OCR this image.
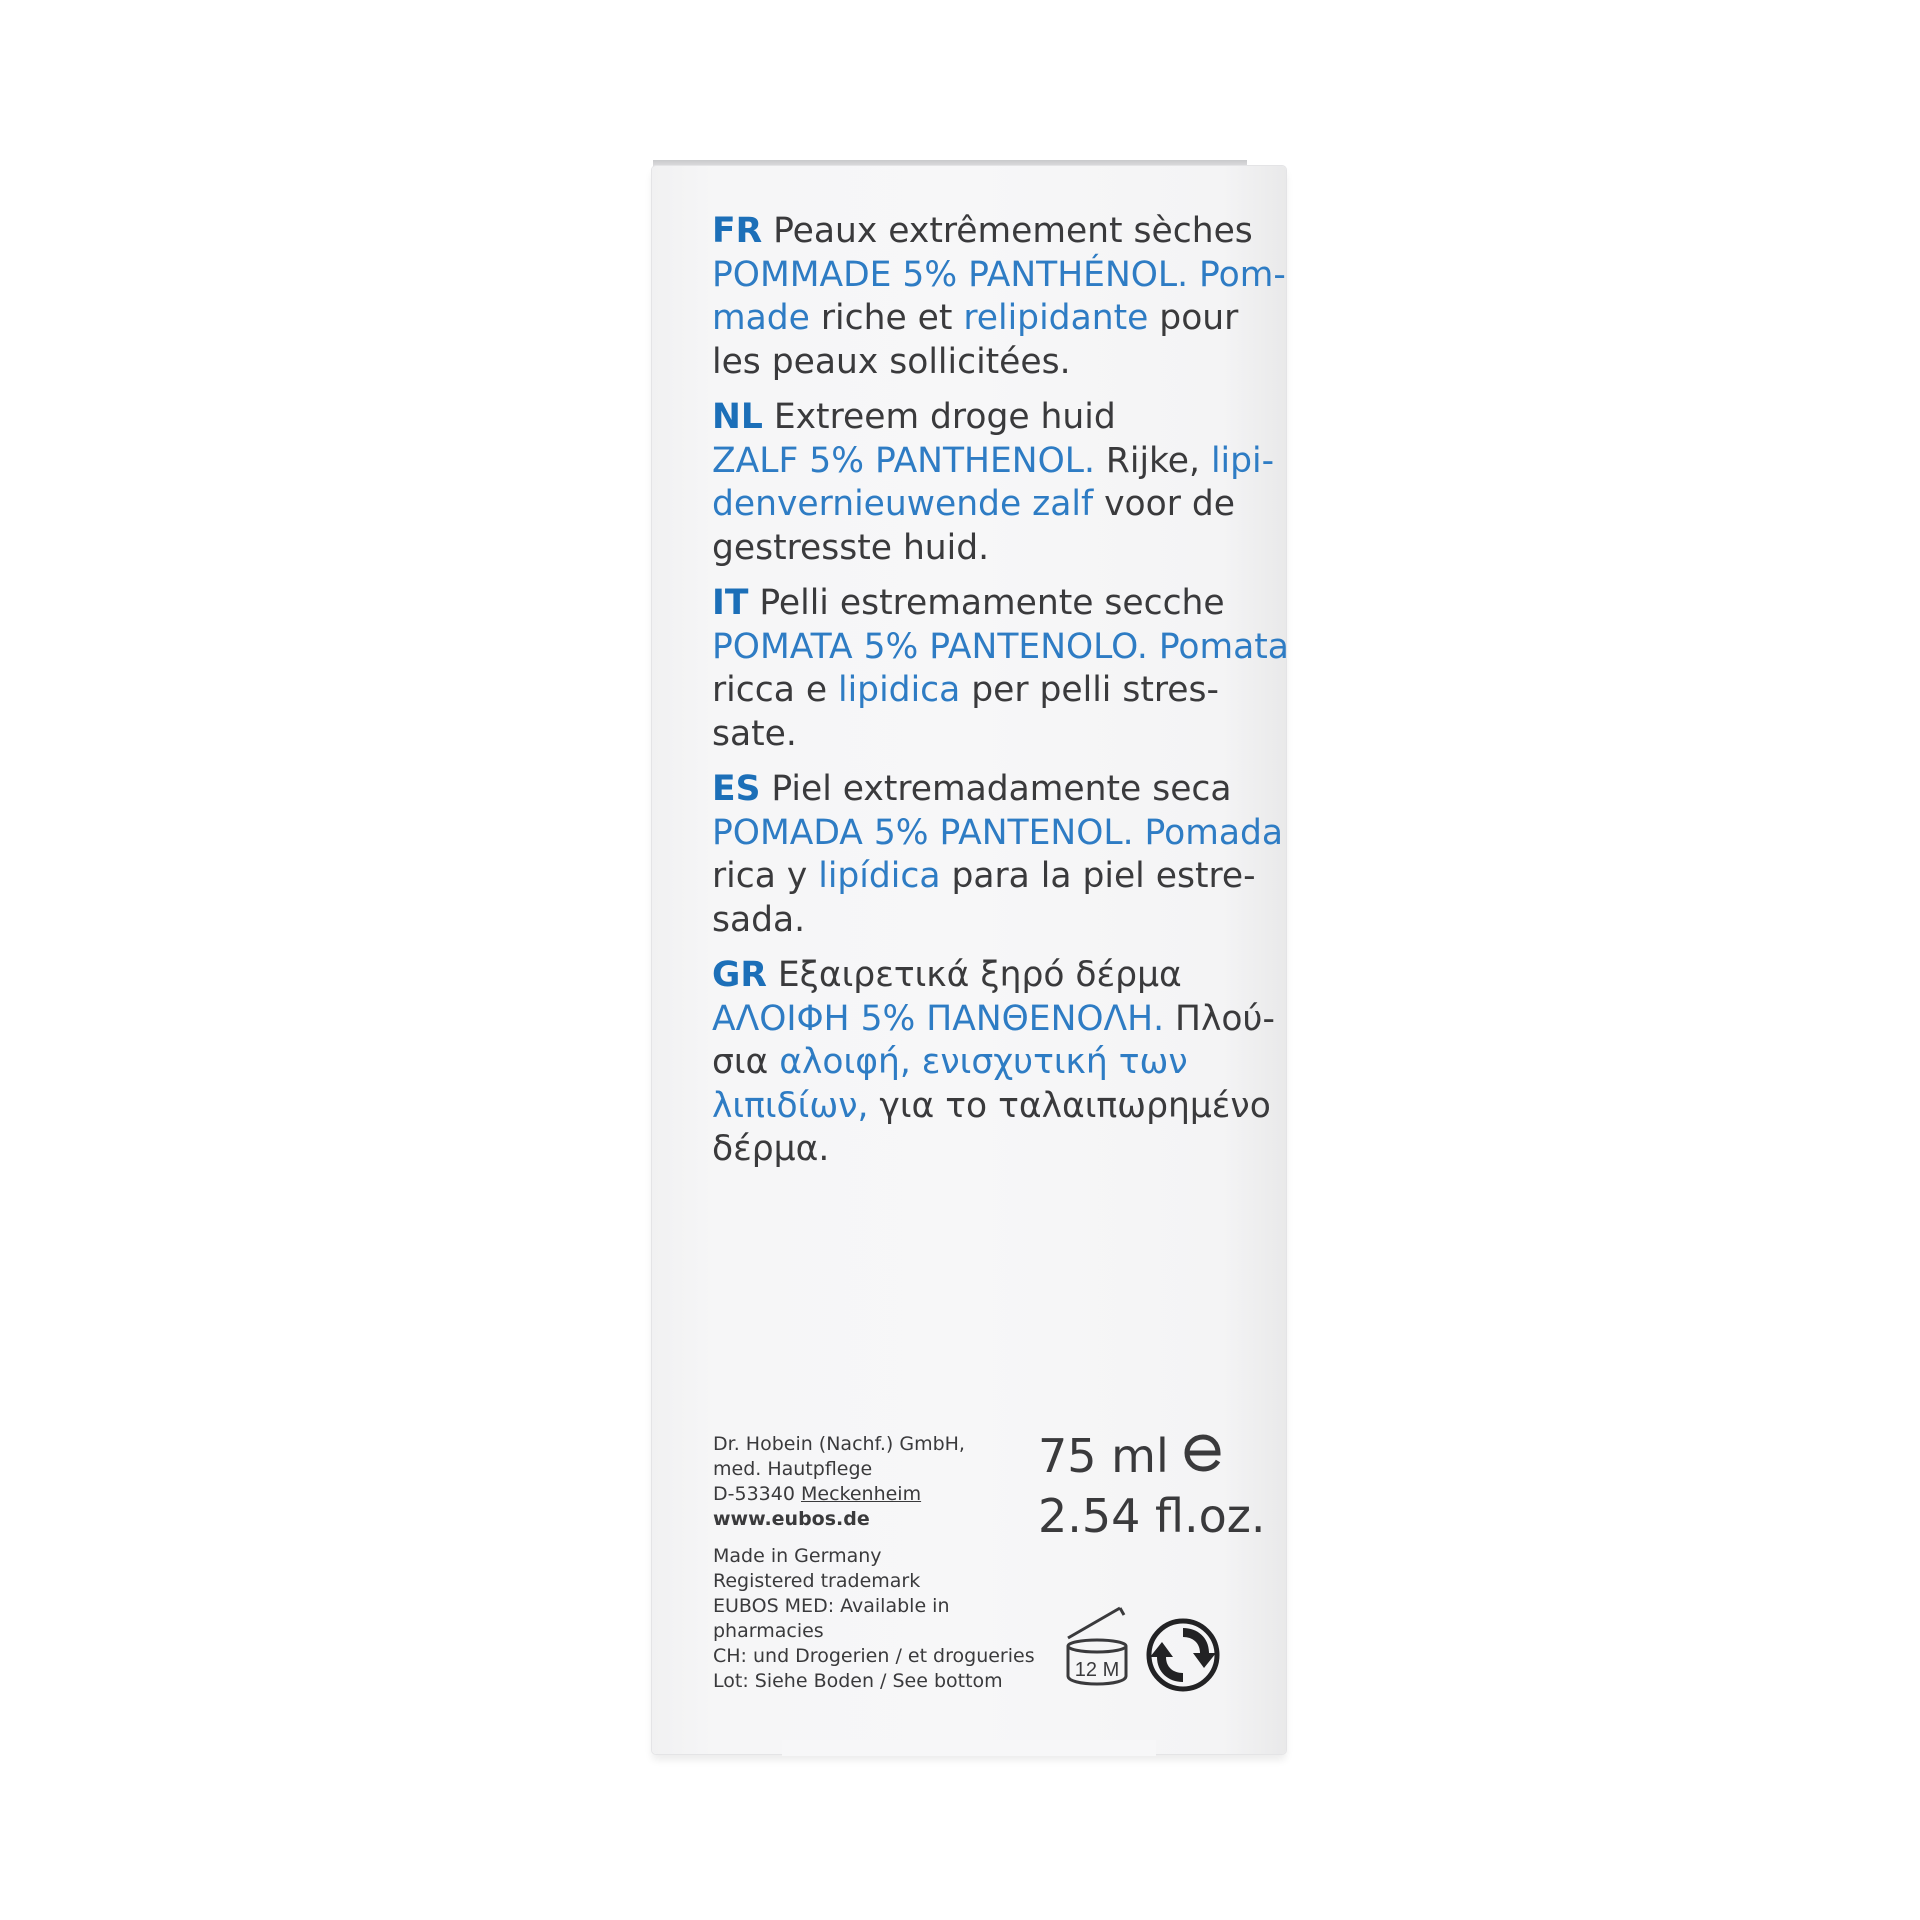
FR Peaux extrêmement sèches
POMMADE 5% PANTHÉNOL. Pom-
made riche et relipidante pour
les peaux sollicitées.
NL Extreem droge huid
ZALF 5% PANTHENOL. Rijke, lipi-
denvernieuwende zalf voor de
gestresste huid.
IT Pelli estremamente secche
POMATA 5% PANTENOLO. Pomata
ricca e lipidica per pelli stres-
sate.
ES Piel extremadamente seca
POMADA 5% PANTENOL. Pomada
rica y lipídica para la piel estre-
sada.
GR Εξαιρετικά ξηρό δέρμα
ΑΛΟΙΦΗ 5% ΠΑΝΘΕΝΟΛΗ. Πλού-
σια αλοιφή, ενισχυτική των
λιπιδίων, για το ταλαιπωρημένο
δέρμα.
Dr. Hobein (Nachf.) GmbH,
med. Hautpflege
D-53340 Meckenheim
www.eubos.de
Made in Germany
Registered trademark
EUBOS MED: Available in
pharmacies
CH: und Drogerien / et drogueries
Lot: Siehe Boden / See bottom
75 ml
2.54 fl.oz.
12 M
